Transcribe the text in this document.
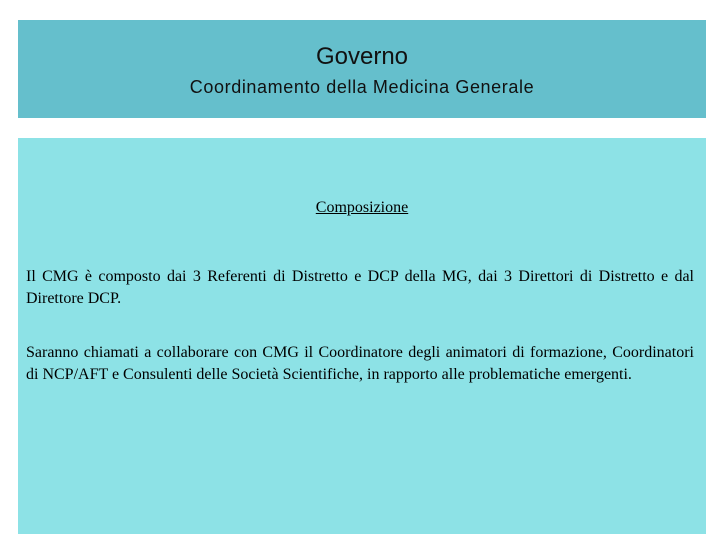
Governo
Coordinamento della Medicina Generale
Composizione

Il CMG è composto dai 3 Referenti di Distretto e DCP della MG, dai 3 Direttori di Distretto e dal Direttore DCP.

Saranno chiamati a collaborare con CMG il Coordinatore degli animatori di formazione, Coordinatori di NCP/AFT e Consulenti delle Società Scientifiche, in rapporto alle problematiche emergenti.
